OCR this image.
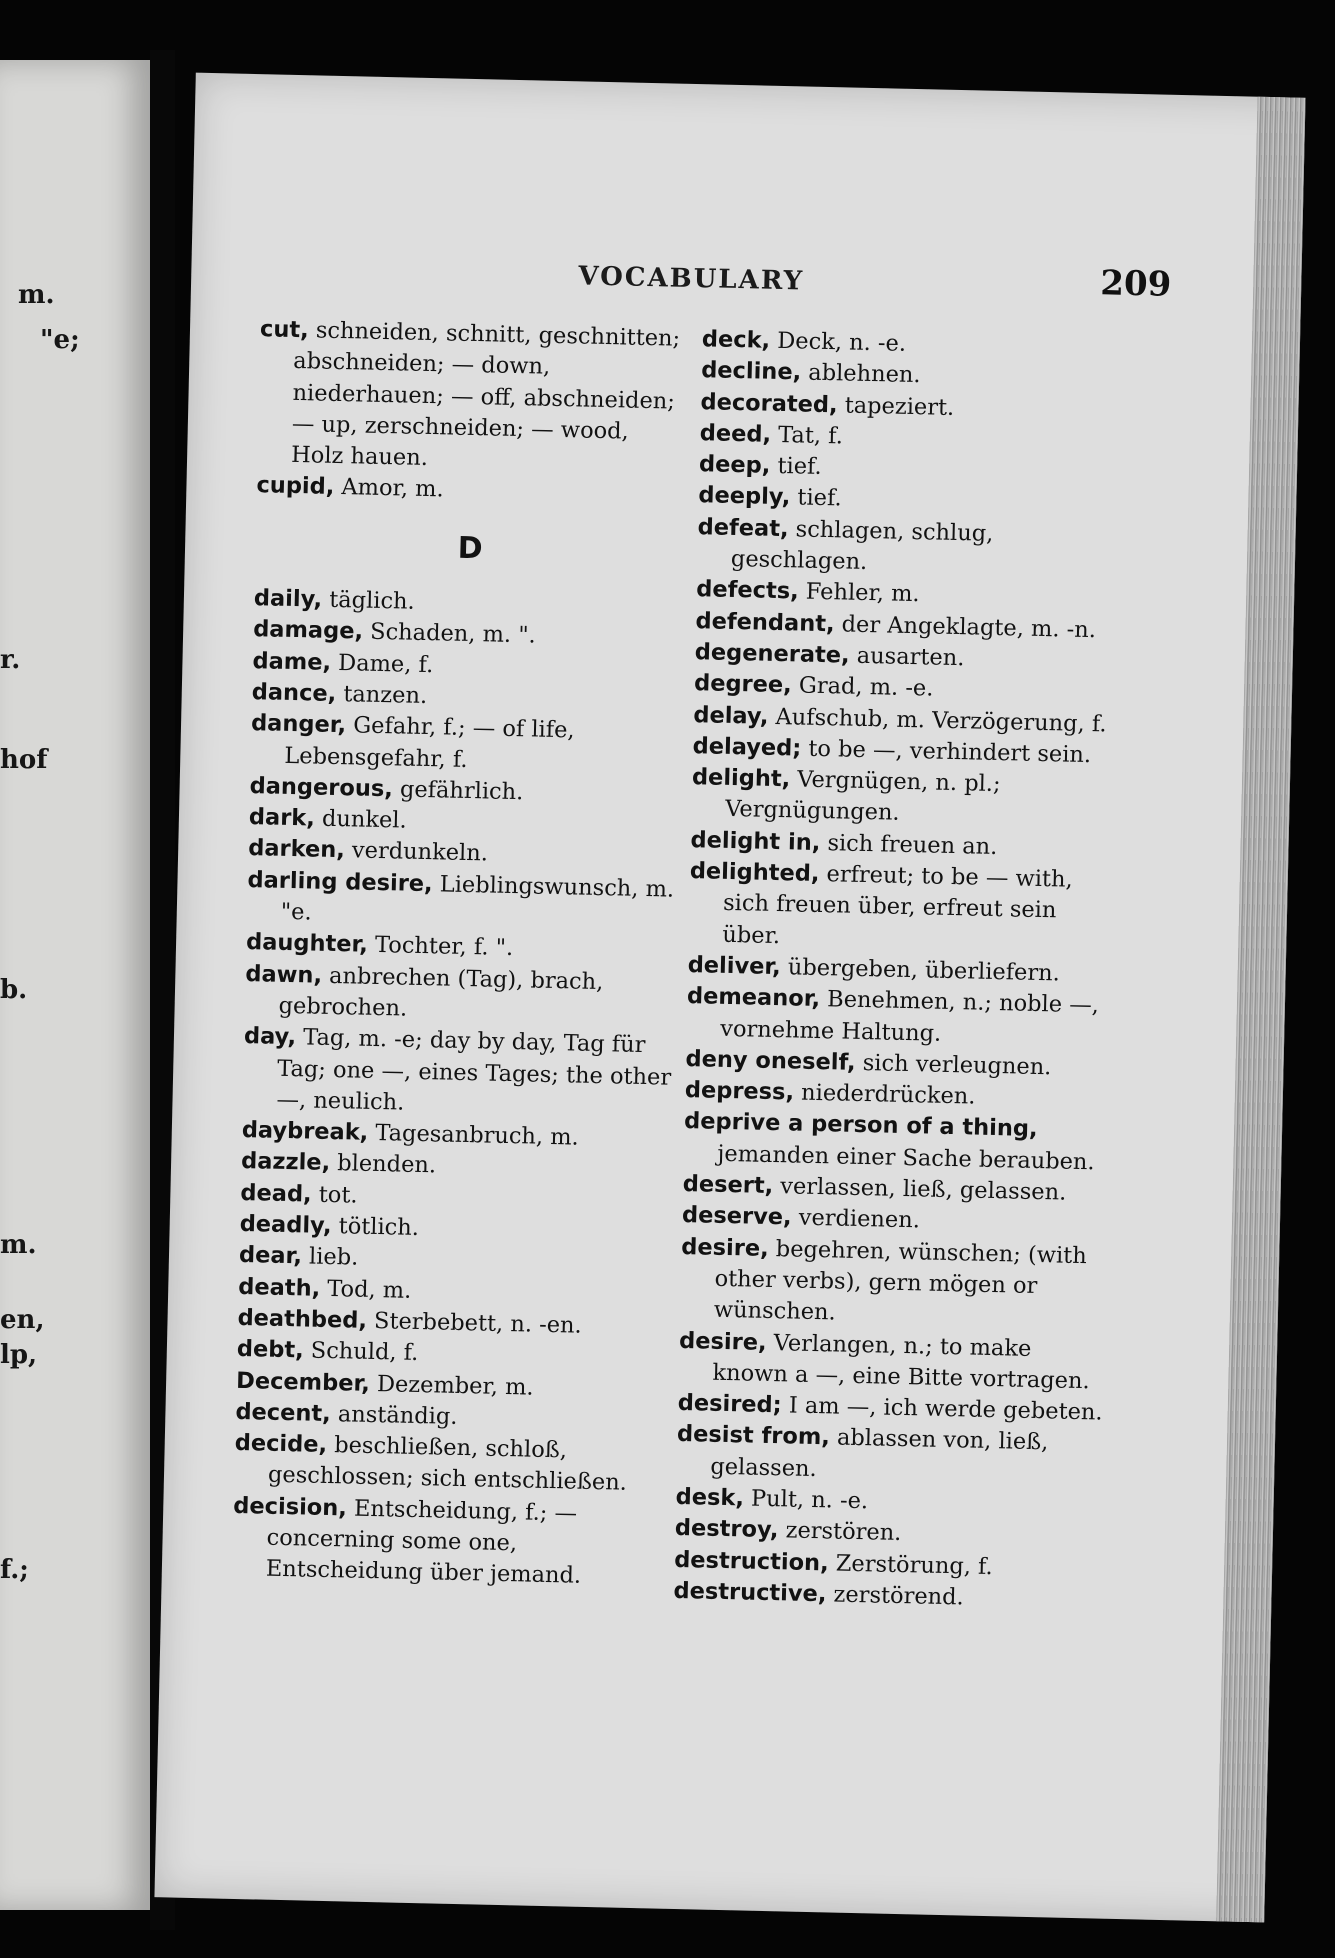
m.
"e;
r.
hof
b.
m.
en,
lp,
f.;
VOCABULARY	209

cut, schneiden, schnitt, geschnitten; abschneiden; — down, niederhauen; — off, abschneiden; — up, zerschneiden; — wood, Holz hauen.

cupid, Amor, m.

D

daily, täglich.

damage, Schaden, m. ".

dame, Dame, f.

dance, tanzen.

danger, Gefahr, f.; — of life, Lebensgefahr, f.

dangerous, gefährlich.

dark, dunkel.

darken, verdunkeln.

darling desire, Lieblingswunsch, m. "e.

daughter, Tochter, f. ".

dawn, anbrechen (Tag), brach, gebrochen.

day, Tag, m. -e; day by day, Tag für Tag; one —, eines Tages; the other —, neulich.

daybreak, Tagesanbruch, m.

dazzle, blenden.

dead, tot.

deadly, tötlich.

dear, lieb.

death, Tod, m.

deathbed, Sterbebett, n. -en.

debt, Schuld, f.

December, Dezember, m.

decent, anständig.

decide, beschließen, schloß, geschlossen; sich entschließen.

decision, Entscheidung, f.; — concerning some one, Entscheidung über jemand.

deck, Deck, n. -e.

decline, ablehnen.

decorated, tapeziert.

deed, Tat, f.

deep, tief.

deeply, tief.

defeat, schlagen, schlug, geschlagen.

defects, Fehler, m.

defendant, der Angeklagte, m. -n.

degenerate, ausarten.

degree, Grad, m. -e.

delay, Aufschub, m. Verzögerung, f.

delayed; to be —, verhindert sein.

delight, Vergnügen, n. pl.; Vergnügungen.

delight in, sich freuen an.

delighted, erfreut; to be — with, sich freuen über, erfreut sein über.

deliver, übergeben, überliefern.

demeanor, Benehmen, n.; noble —, vornehme Haltung.

deny oneself, sich verleugnen.

depress, niederdrücken.

deprive a person of a thing, jemanden einer Sache berauben.

desert, verlassen, ließ, gelassen.

deserve, verdienen.

desire, begehren, wünschen; (with other verbs), gern mögen or wünschen.

desire, Verlangen, n.; to make known a —, eine Bitte vortragen.

desired; I am —, ich werde gebeten.

desist from, ablassen von, ließ, gelassen.

desk, Pult, n. -e.

destroy, zerstören.

destruction, Zerstörung, f.

destructive, zerstörend.
